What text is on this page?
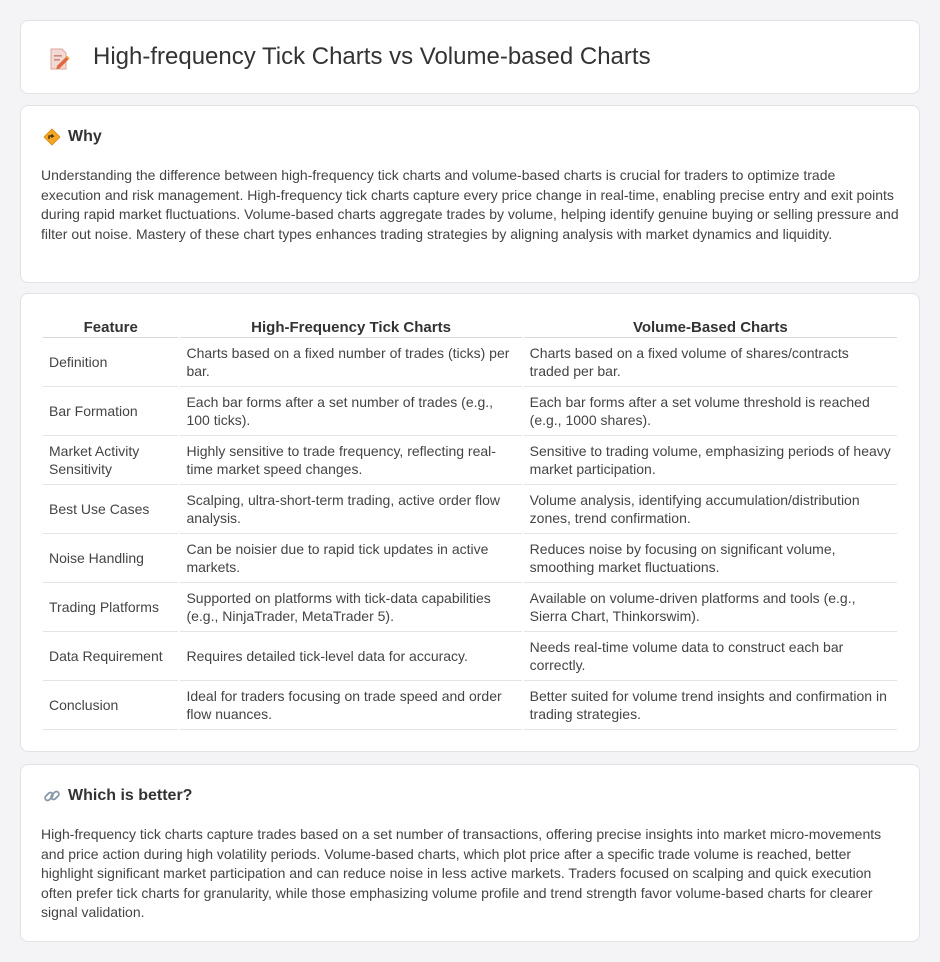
High-frequency Tick Charts vs Volume-based Charts
Why

Understanding the difference between high-frequency tick charts and volume-based charts is crucial for traders to optimize trade execution and risk management. High-frequency tick charts capture every price change in real-time, enabling precise entry and exit points during rapid market fluctuations. Volume-based charts aggregate trades by volume, helping identify genuine buying or selling pressure and filter out noise. Mastery of these chart types enhances trading strategies by aligning analysis with market dynamics and liquidity.

Feature	High-Frequency Tick Charts	Volume-Based Charts
Definition	Charts based on a fixed number of trades (ticks) per bar.	Charts based on a fixed volume of shares/contracts traded per bar.
Bar Formation	Each bar forms after a set number of trades (e.g., 100 ticks).	Each bar forms after a set volume threshold is reached (e.g., 1000 shares).
Market Activity Sensitivity	Highly sensitive to trade frequency, reflecting real-time market speed changes.	Sensitive to trading volume, emphasizing periods of heavy market participation.
Best Use Cases	Scalping, ultra-short-term trading, active order flow analysis.	Volume analysis, identifying accumulation/distribution zones, trend confirmation.
Noise Handling	Can be noisier due to rapid tick updates in active markets.	Reduces noise by focusing on significant volume, smoothing market fluctuations.
Trading Platforms	Supported on platforms with tick-data capabilities (e.g., NinjaTrader, MetaTrader 5).	Available on volume-driven platforms and tools (e.g., Sierra Chart, Thinkorswim).
Data Requirement	Requires detailed tick-level data for accuracy.	Needs real-time volume data to construct each bar correctly.
Conclusion	Ideal for traders focusing on trade speed and order flow nuances.	Better suited for volume trend insights and confirmation in trading strategies.
Which is better?

High-frequency tick charts capture trades based on a set number of transactions, offering precise insights into market micro-movements and price action during high volatility periods. Volume-based charts, which plot price after a specific trade volume is reached, better highlight significant market participation and can reduce noise in less active markets. Traders focused on scalping and quick execution often prefer tick charts for granularity, while those emphasizing volume profile and trend strength favor volume-based charts for clearer signal validation.
